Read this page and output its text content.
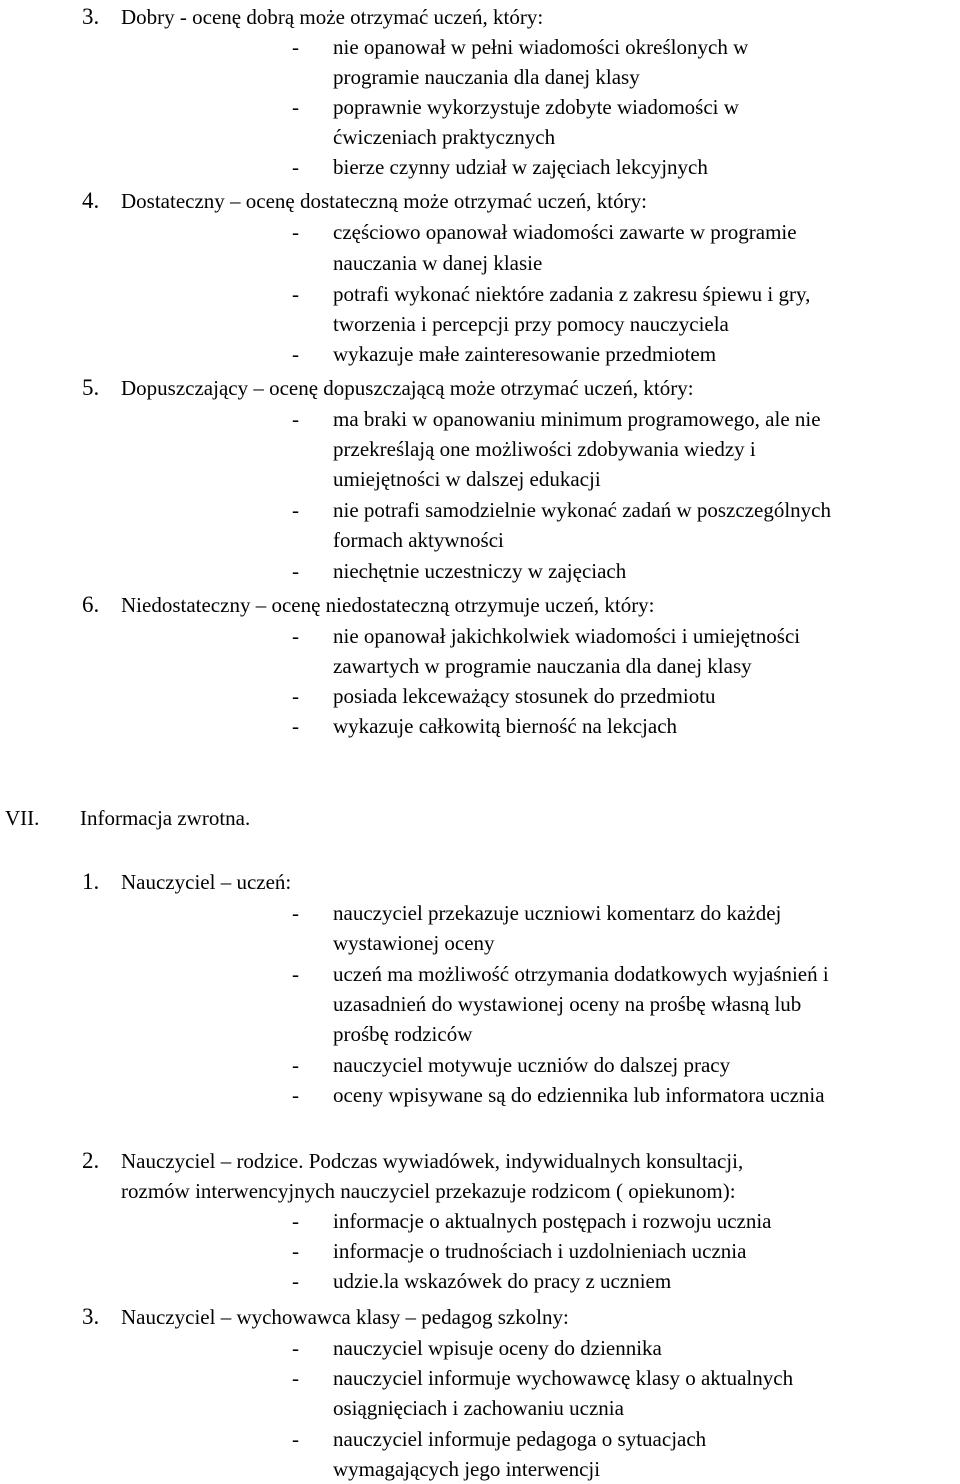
3. Dobry - ocenę dobrą może otrzymać uczeń, który:
- nie opanował w pełni wiadomości określonych w
programie nauczania dla danej klasy
- poprawnie wykorzystuje zdobyte wiadomości w
ćwiczeniach praktycznych
- bierze czynny udział w zajęciach lekcyjnych
4. Dostateczny – ocenę dostateczną może otrzymać uczeń, który:
- częściowo opanował wiadomości zawarte w programie
nauczania w danej klasie
- potrafi wykonać niektóre zadania z zakresu śpiewu i gry,
tworzenia i percepcji przy pomocy nauczyciela
- wykazuje małe zainteresowanie przedmiotem
5. Dopuszczający – ocenę dopuszczającą może otrzymać uczeń, który:
- ma braki w opanowaniu minimum programowego, ale nie
przekreślają one możliwości zdobywania wiedzy i
umiejętności w dalszej edukacji
- nie potrafi samodzielnie wykonać zadań w poszczególnych
formach aktywności
- niechętnie uczestniczy w zajęciach
6. Niedostateczny – ocenę niedostateczną otrzymuje uczeń, który:
- nie opanował jakichkolwiek wiadomości i umiejętności
zawartych w programie nauczania dla danej klasy
- posiada lekceważący stosunek do przedmiotu
- wykazuje całkowitą bierność na lekcjach
VII. Informacja zwrotna.
1. Nauczyciel – uczeń:
- nauczyciel przekazuje uczniowi komentarz do każdej
wystawionej oceny
- uczeń ma możliwość otrzymania dodatkowych wyjaśnień i
uzasadnień do wystawionej oceny na prośbę własną lub
prośbę rodziców
- nauczyciel motywuje uczniów do dalszej pracy
- oceny wpisywane są do edziennika lub informatora ucznia
2. Nauczyciel – rodzice. Podczas wywiadówek, indywidualnych konsultacji,
rozmów interwencyjnych nauczyciel przekazuje rodzicom ( opiekunom):
- informacje o aktualnych postępach i rozwoju ucznia
- informacje o trudnościach i uzdolnieniach ucznia
- udzie.la wskazówek do pracy z uczniem
3. Nauczyciel – wychowawca klasy – pedagog szkolny:
- nauczyciel wpisuje oceny do dziennika
- nauczyciel informuje wychowawcę klasy o aktualnych
osiągnięciach i zachowaniu ucznia
- nauczyciel informuje pedagoga o sytuacjach
wymagających jego interwencji
